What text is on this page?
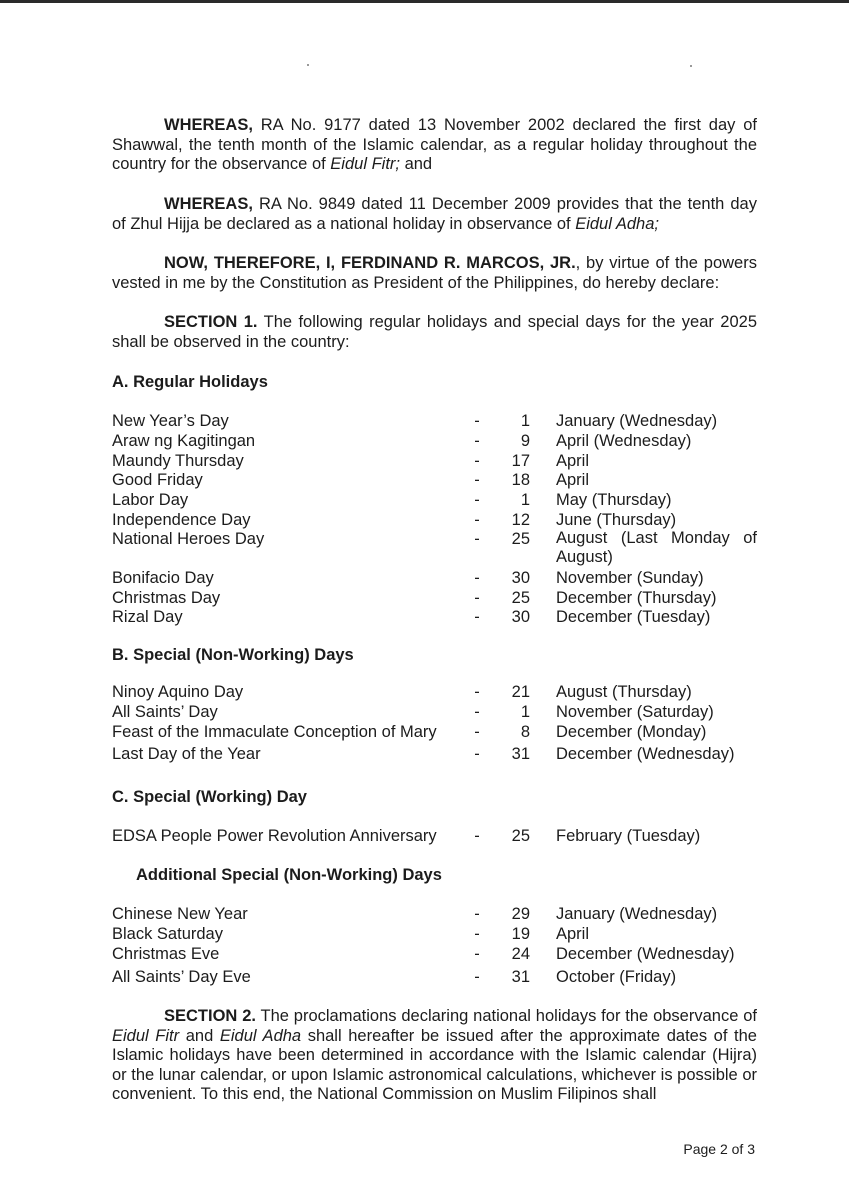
WHEREAS, RA No. 9177 dated 13 November 2002 declared the first day of Shawwal, the tenth month of the Islamic calendar, as a regular holiday throughout the country for the observance of Eidul Fitr; and

WHEREAS, RA No. 9849 dated 11 December 2009 provides that the tenth day of Zhul Hijja be declared as a national holiday in observance of Eidul Adha;

NOW, THEREFORE, I, FERDINAND R. MARCOS, JR., by virtue of the powers vested in me by the Constitution as President of the Philippines, do hereby declare:

SECTION 1. The following regular holidays and special days for the year 2025 shall be observed in the country:

A. Regular Holidays

New Year’s Day	-	1 January (Wednesday)
Araw ng Kagitingan	-	9 April (Wednesday)
Maundy Thursday	-	17 April
Good Friday	-	18 April
Labor Day	-	1 May (Thursday)
Independence Day	-	12 June (Thursday)
National Heroes Day	-	25 August (Last Monday of August)
Bonifacio Day	-	30 November (Sunday)
Christmas Day	-	25 December (Thursday)
Rizal Day	-	30 December (Tuesday)

B. Special (Non-Working) Days

Ninoy Aquino Day	-	21 August (Thursday)
All Saints’ Day	-	1 November (Saturday)
Feast of the Immaculate Conception of Mary -	8 December (Monday)
Last Day of the Year	-	31 December (Wednesday)

C. Special (Working) Day

EDSA People Power Revolution Anniversary -	25 February (Tuesday)

Additional Special (Non-Working) Days

Chinese New Year	-	29 January (Wednesday)
Black Saturday	-	19 April
Christmas Eve	-	24 December (Wednesday)
All Saints’ Day Eve	-	31 October (Friday)

SECTION 2. The proclamations declaring national holidays for the observance of Eidul Fitr and Eidul Adha shall hereafter be issued after the approximate dates of the Islamic holidays have been determined in accordance with the Islamic calendar (Hijra) or the lunar calendar, or upon Islamic astronomical calculations, whichever is possible or convenient. To this end, the National Commission on Muslim Filipinos shall

Page 2 of 3
